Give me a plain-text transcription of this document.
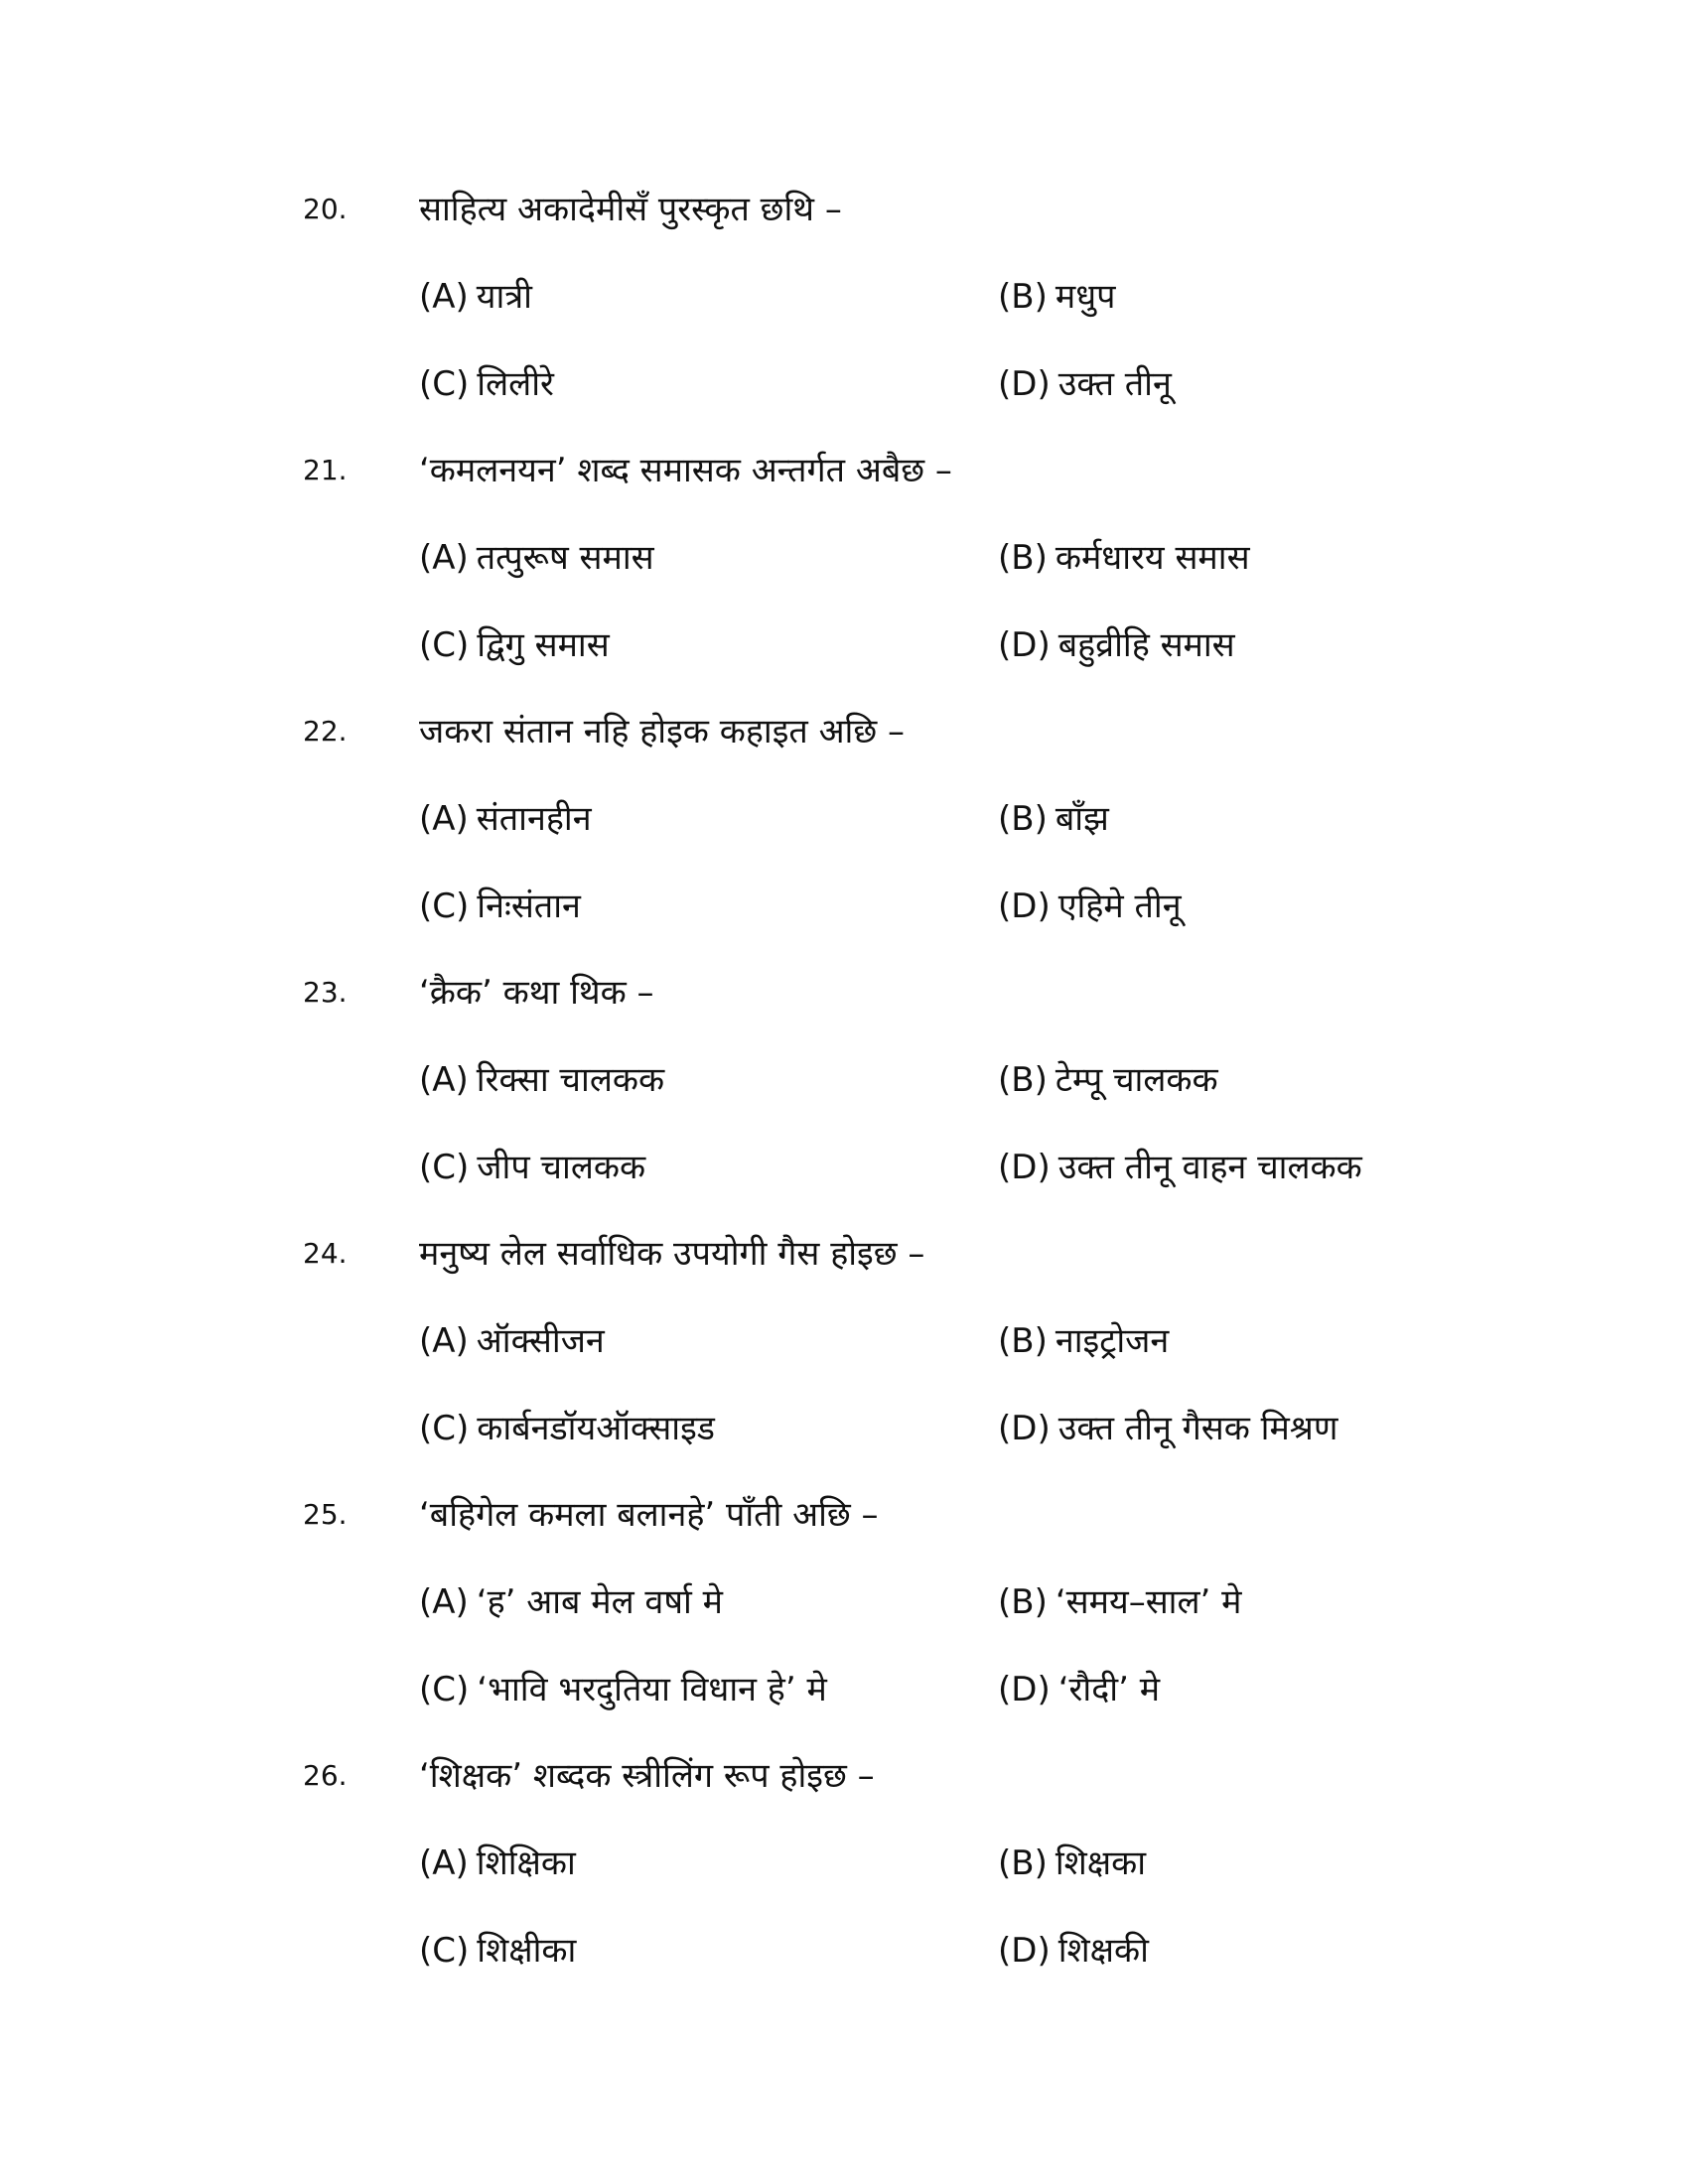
20. साहित्य अकादेमीसँ पुरस्कृत छथि –
(A) यात्री	(B) मधुप
(C) लिलीरे	(D) उक्त तीनू
21. ‘कमलनयन’ शब्द समासक अन्तर्गत अबैछ –
(A) तत्पुरूष समास	(B) कर्मधारय समास
(C) द्विगु समास	(D) बहुव्रीहि समास
22. जकरा संतान नहि होइक कहाइत अछि –
(A) संतानहीन	(B) बाँझ
(C) निःसंतान	(D) एहिमे तीनू
23. ‘क्रैक’ कथा थिक –
(A) रिक्सा चालकक	(B) टेम्पू चालकक
(C) जीप चालकक	(D) उक्त तीनू वाहन चालकक
24. मनुष्य लेल सर्वाधिक उपयोगी गैस होइछ –
(A) ऑक्सीजन	(B) नाइट्रोजन
(C) कार्बनडॉयऑक्साइड	(D) उक्त तीनू गैसक मिश्रण
25. ‘बहिगेल कमला बलानहे’ पाँती अछि –
(A) ‘ह’ आब मेल वर्षा मे	(B) ‘समय–साल’ मे
(C) ‘भावि भरदुतिया विधान हे’ मे	(D) ‘रौदी’ मे
26. ‘शिक्षक’ शब्दक स्त्रीलिंग रूप होइछ –
(A) शिक्षिका	(B) शिक्षका
(C) शिक्षीका	(D) शिक्षकी
